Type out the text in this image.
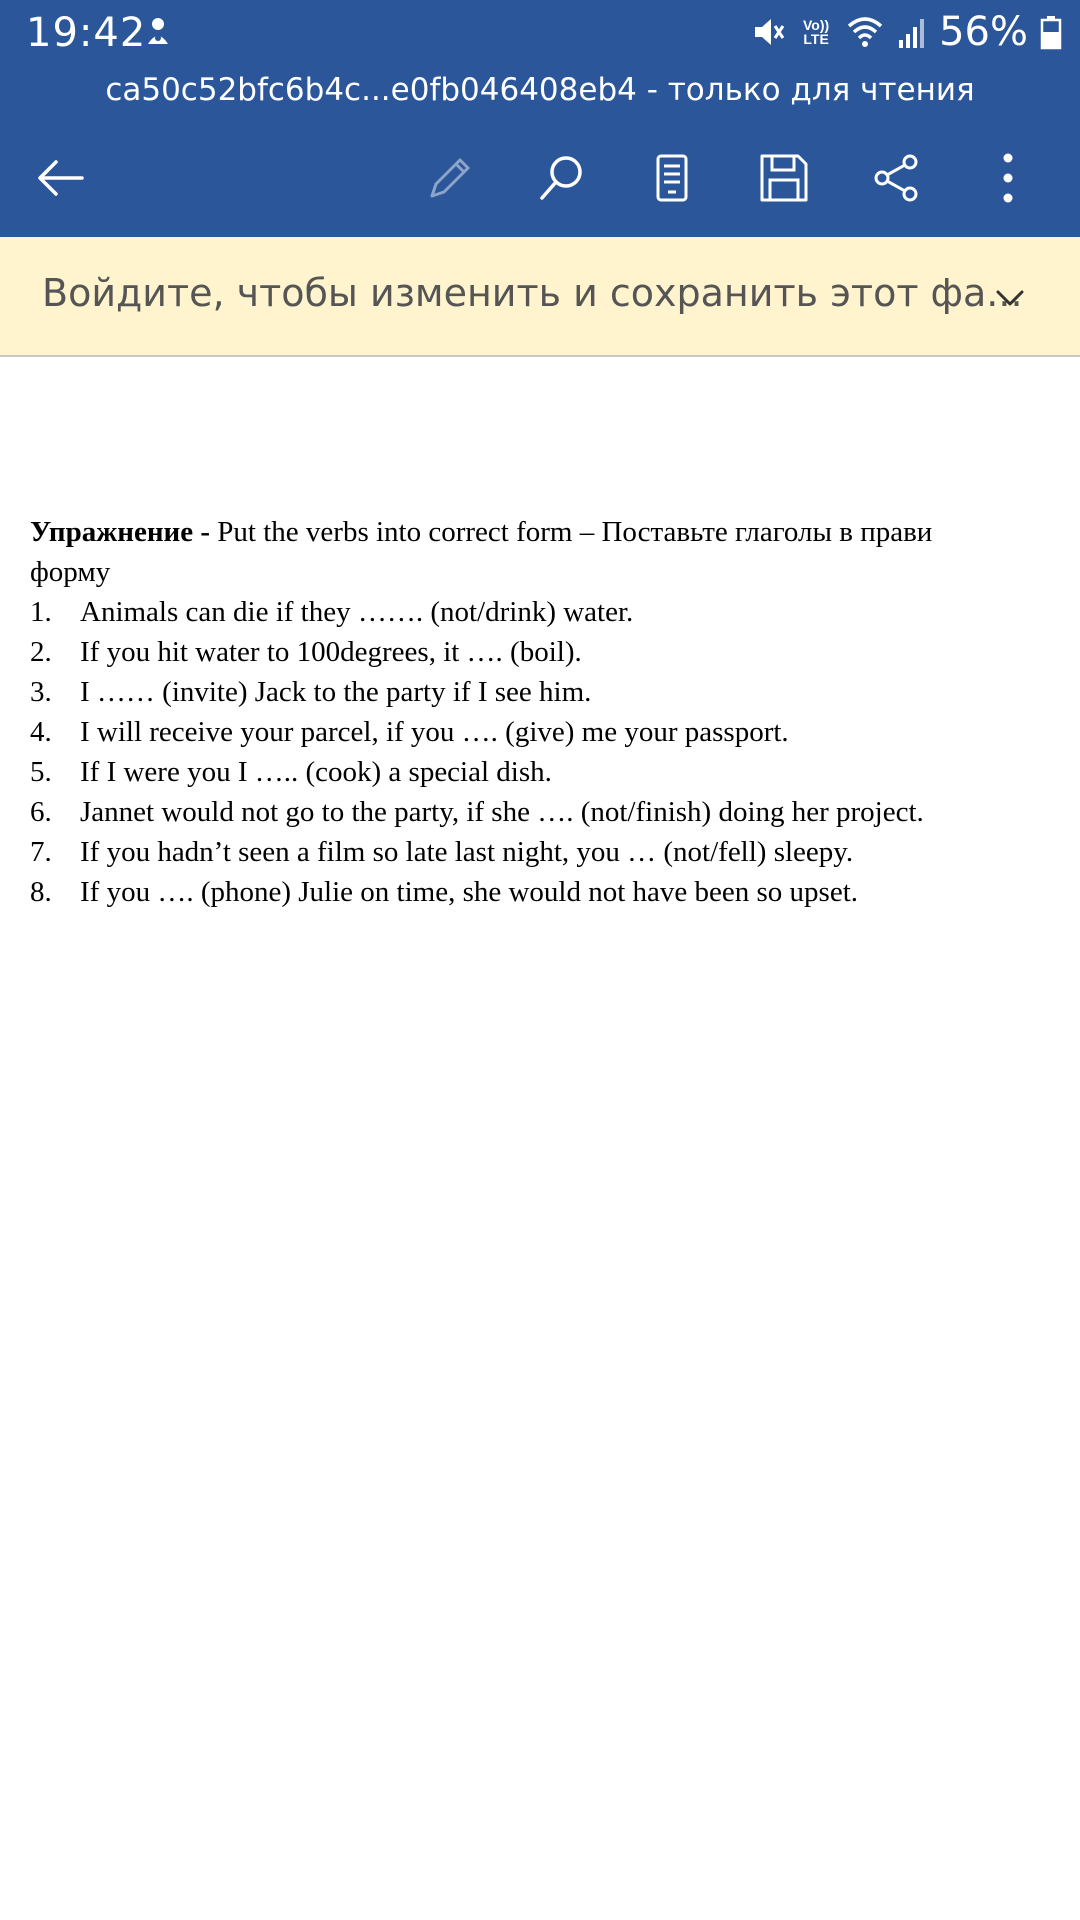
19:42	Vo)) LTE	56%
ca50c52bfc6b4c...e0fb046408eb4 - только для чтения
Войдите, чтобы изменить и сохранить этот фа...
Упражнение - Put the verbs into correct form – Поставьте глаголы в прави
форму
1. Animals can die if they ……. (not/drink) water.
2. If you hit water to 100degrees, it …. (boil).
3. I …… (invite) Jack to the party if I see him.
4. I will receive your parcel, if you …. (give) me your passport.
5. If I were you I ….. (cook) a special dish.
6. Jannet would not go to the party, if she …. (not/finish) doing her project.
7. If you hadn’t seen a film so late last night, you … (not/fell) sleepy.
8. If you …. (phone) Julie on time, she would not have been so upset.
